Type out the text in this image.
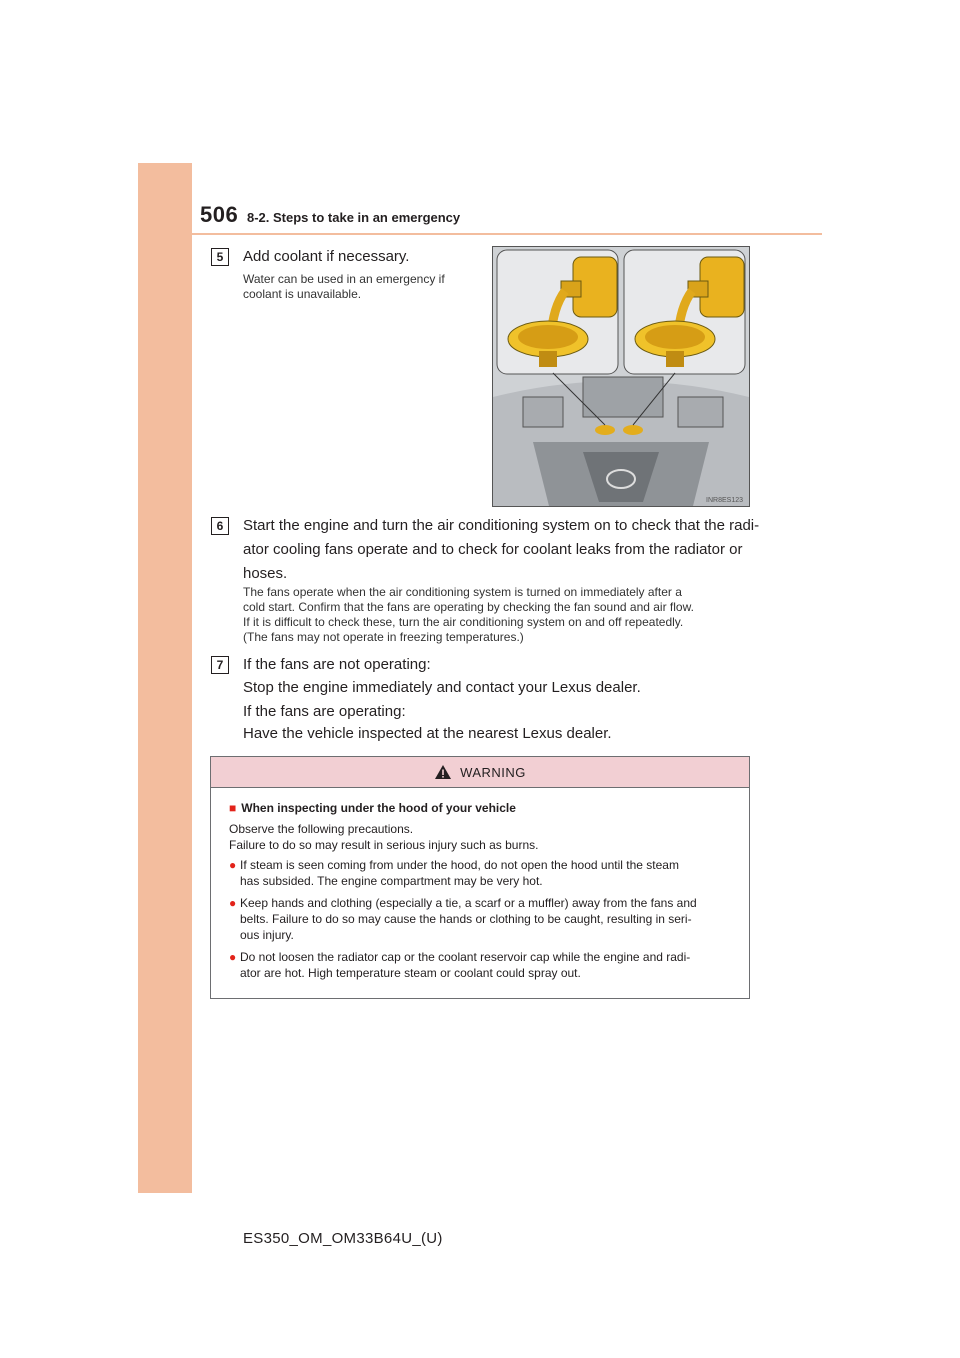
506 8-2. Steps to take in an emergency
5	Add coolant if necessary.
Water can be used in an emergency if
coolant is unavailable.
INR8ES123
6	Start the engine and turn the air conditioning system on to check that the radi-
ator cooling fans operate and to check for coolant leaks from the radiator or
hoses.
The fans operate when the air conditioning system is turned on immediately after a
cold start. Confirm that the fans are operating by checking the fan sound and air flow.
If it is difficult to check these, turn the air conditioning system on and off repeatedly.
(The fans may not operate in freezing temperatures.)
7	If the fans are not operating:
Stop the engine immediately and contact your Lexus dealer.
If the fans are operating:
Have the vehicle inspected at the nearest Lexus dealer.
WARNING
■ When inspecting under the hood of your vehicle
Observe the following precautions.
Failure to do so may result in serious injury such as burns.
● If steam is seen coming from under the hood, do not open the hood until the steam
has subsided. The engine compartment may be very hot.
● Keep hands and clothing (especially a tie, a scarf or a muffler) away from the fans and
belts. Failure to do so may cause the hands or clothing to be caught, resulting in seri-
ous injury.
● Do not loosen the radiator cap or the coolant reservoir cap while the engine and radi-
ator are hot. High temperature steam or coolant could spray out.
ES350_OM_OM33B64U_(U)
